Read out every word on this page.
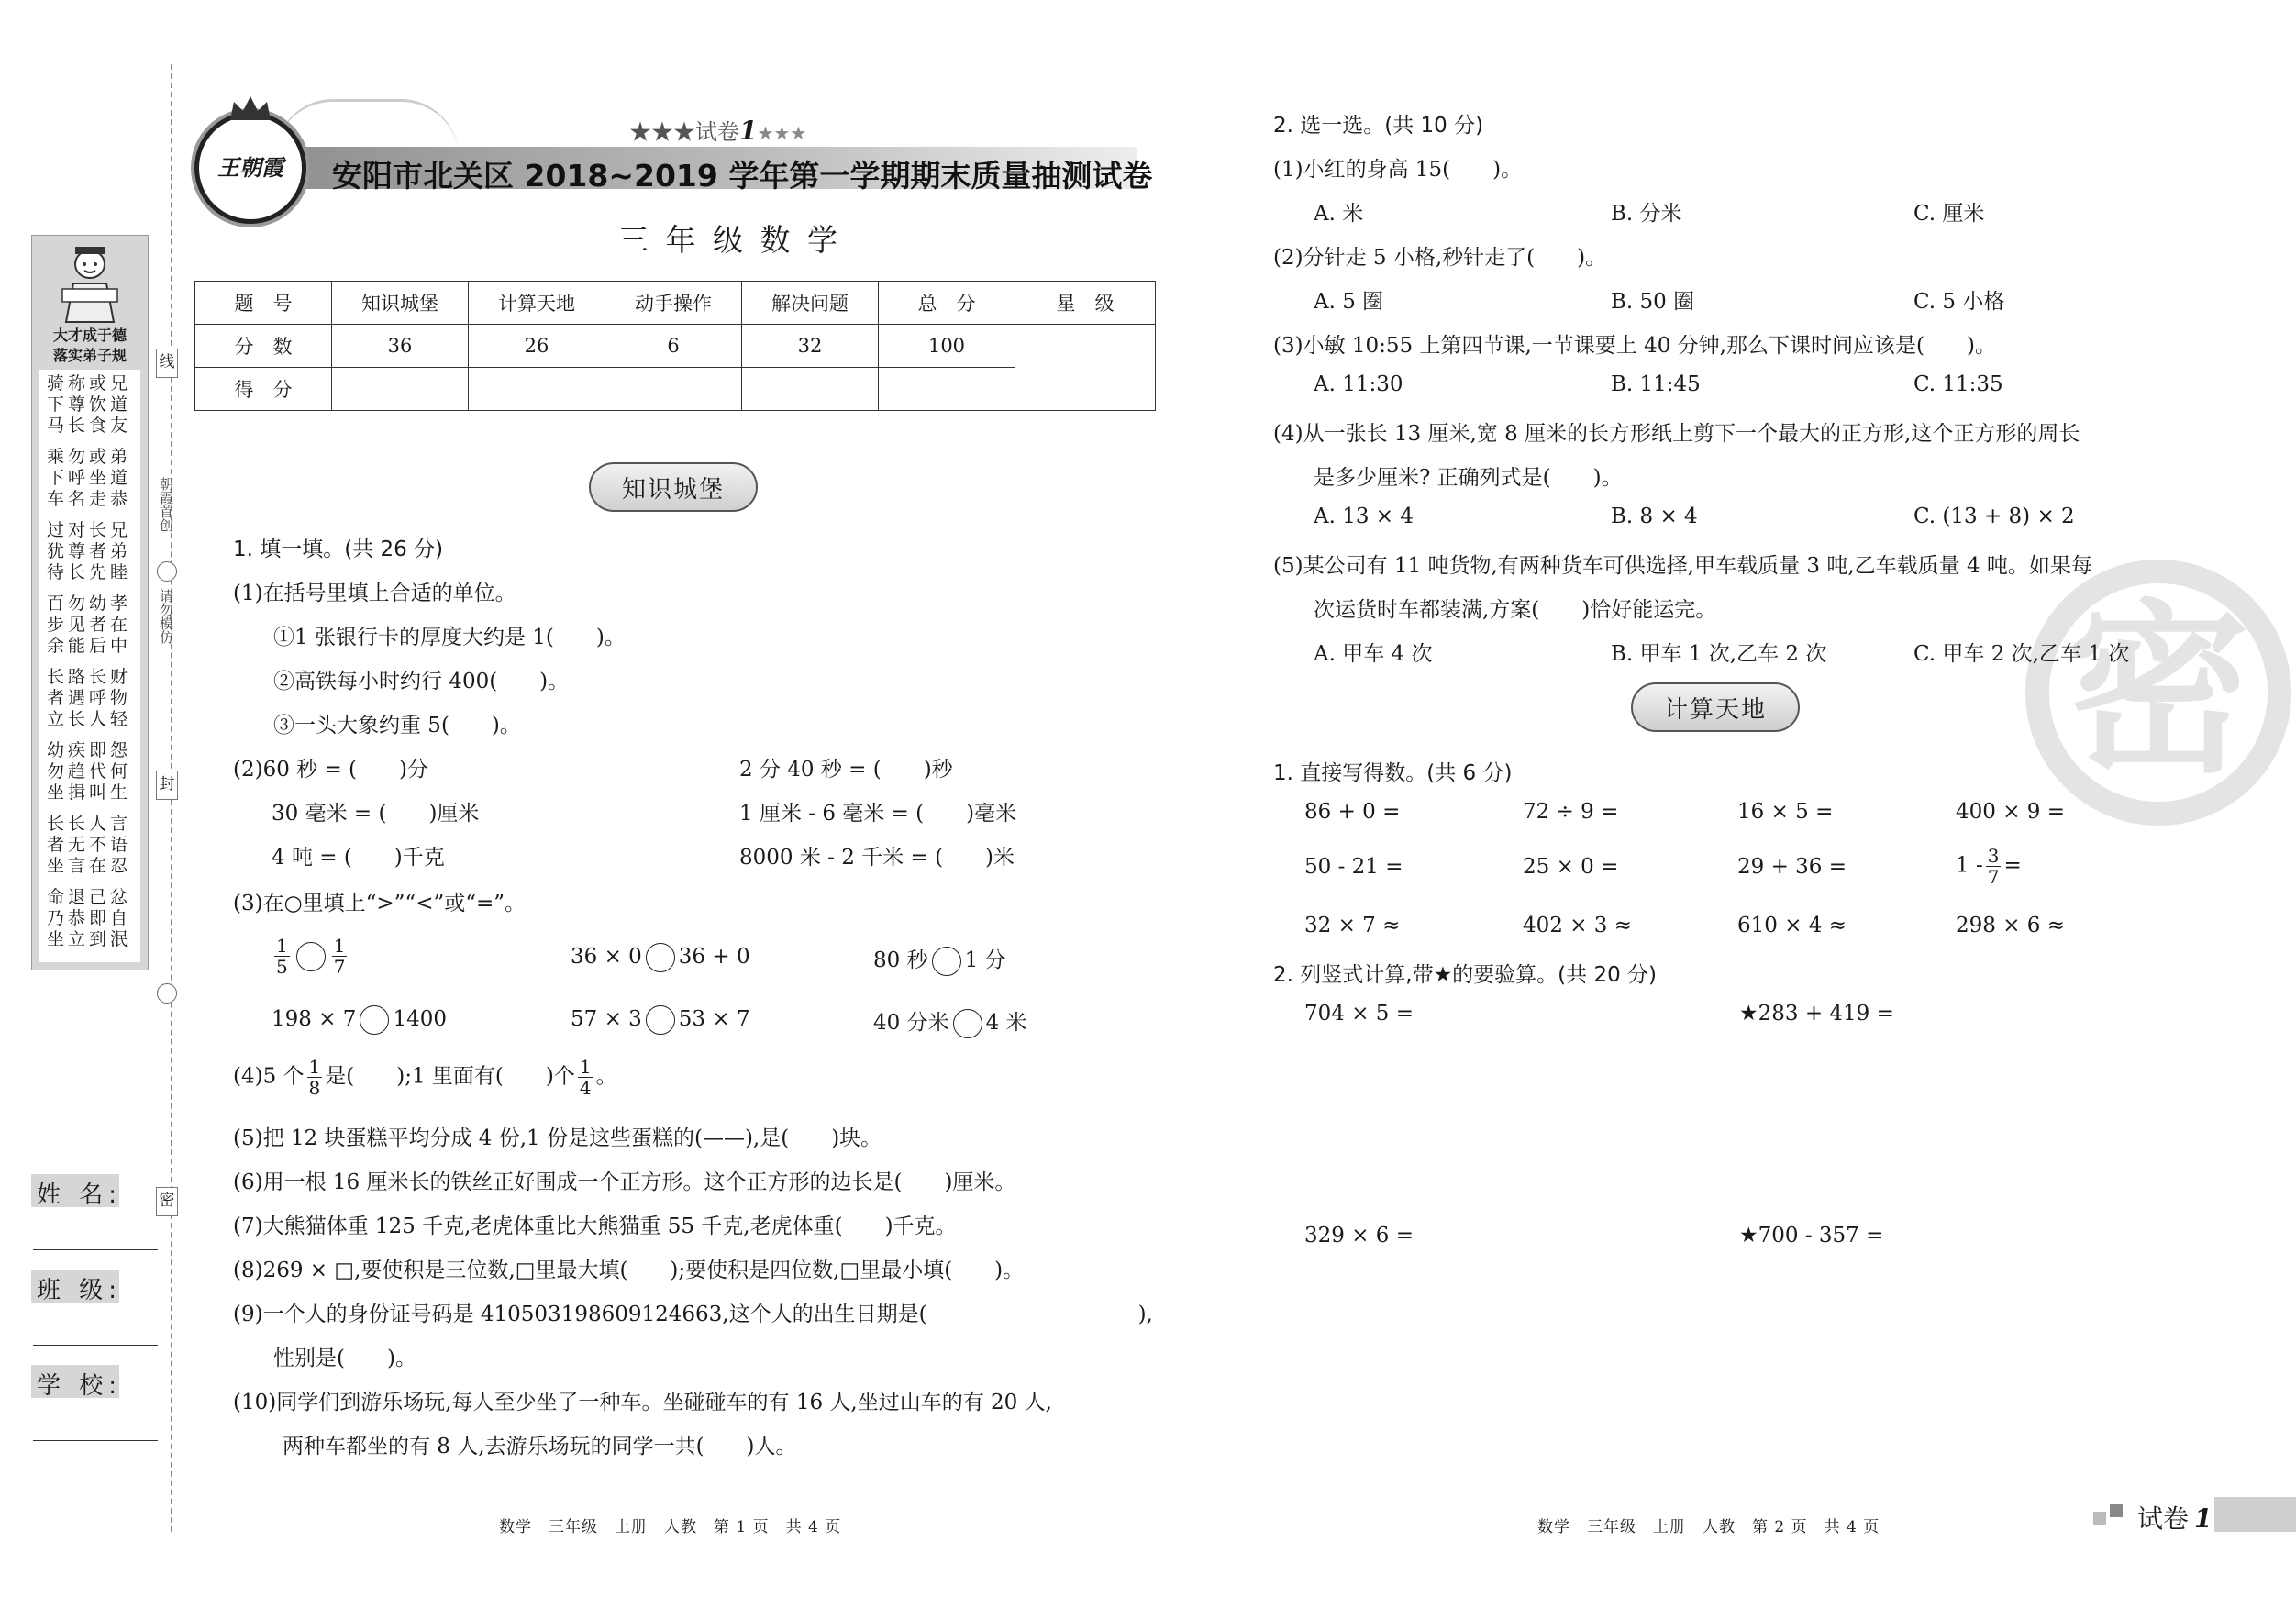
大才成于德
落实弟子规
骑称或兄
下尊饮道
马长食友
乘勿或弟
下呼坐道
车名走恭
过对长兄
犹尊者弟
待长先睦
百勿幼孝
步见者在
余能后中
长路长财
者遇呼物
立长人轻
幼疾即怨
勿趋代何
坐揖叫生
长长人言
者无不语
坐言在忍
命退己忿
乃恭即自
坐立到泯
线
朝霞首创
请勿模仿
封
密
姓 名:
班 级:
学 校:
王朝霞
★★★试卷1★★★
安阳市北关区 2018~2019 学年第一学期期末质量抽测试卷
三 年 级 数 学
题　号	知识城堡	计算天地	动手操作	解决问题	总　分	星　级
分　数	36	26	6	32	100	
得　分						
知识城堡
1. 填一填。(共 26 分)
(1)在括号里填上合适的单位。
①1 张银行卡的厚度大约是 1(　　)。
②高铁每小时约行 400(　　)。
③一头大象约重 5(　　)。
(2)60 秒 = (　　)分
30 毫米 = (　　)厘米
4 吨 = (　　)千克
2 分 40 秒 = (　　)秒
1 厘米 - 6 毫米 = (　　)毫米
8000 米 - 2 千米 = (　　)米
(3)在○里填上“>”“<”或“=”。
$\frac{1}{5} \frac{1}{7}$	36 × 0 36 + 0	80 秒 1 分
198 × 7 1400	57 × 3 53 × 7	40 分米 4 米
(4)5 个 $\frac{1}{8}$ 是(　　);1 里面有(　　)个 $\frac{1}{4}$ 。
(5)把 12 块蛋糕平均分成 4 份,1 份是这些蛋糕的(——),是(　　)块。
(6)用一根 16 厘米长的铁丝正好围成一个正方形。这个正方形的边长是(　　)厘米。
(7)大熊猫体重 125 千克,老虎体重比大熊猫重 55 千克,老虎体重(　　)千克。
(8)269 × □,要使积是三位数,□里最大填(　　);要使积是四位数,□里最小填(　　)。
(9)一个人的身份证号码是 410503198609124663,这个人的出生日期是(　　　　　　　　　　),
性别是(　　)。
(10)同学们到游乐场玩,每人至少坐了一种车。坐碰碰车的有 16 人,坐过山车的有 20 人,
两种车都坐的有 8 人,去游乐场玩的同学一共(　　)人。
数学　三年级　上册　人教　第 1 页　共 4 页
密
2. 选一选。(共 10 分)
(1)小红的身高 15(　　)。
A. 米	B. 分米	C. 厘米
(2)分针走 5 小格,秒针走了(　　)。
A. 5 圈	B. 50 圈	C. 5 小格
(3)小敏 10:55 上第四节课,一节课要上 40 分钟,那么下课时间应该是(　　)。
A. 11:30	B. 11:45	C. 11:35
(4)从一张长 13 厘米,宽 8 厘米的长方形纸上剪下一个最大的正方形,这个正方形的周长
是多少厘米? 正确列式是(　　)。
A. 13 × 4	B. 8 × 4	C. (13 + 8) × 2
(5)某公司有 11 吨货物,有两种货车可供选择,甲车载质量 3 吨,乙车载质量 4 吨。如果每
次运货时车都装满,方案(　　)恰好能运完。
A. 甲车 4 次	B. 甲车 1 次,乙车 2 次	C. 甲车 2 次,乙车 1 次
计算天地
1. 直接写得数。(共 6 分)
86 + 0 =	72 ÷ 9 =	16 × 5 =	400 × 9 =
50 - 21 =	25 × 0 =	29 + 36 =	$1 - \frac{3}{7}$ =
32 × 7 ≈	402 × 3 ≈	610 × 4 ≈	298 × 6 ≈
2. 列竖式计算,带★的要验算。(共 20 分)
704 × 5 =	★283 + 419 =
329 × 6 =	★700 - 357 =
数学　三年级　上册　人教　第 2 页　共 4 页	试卷 1
